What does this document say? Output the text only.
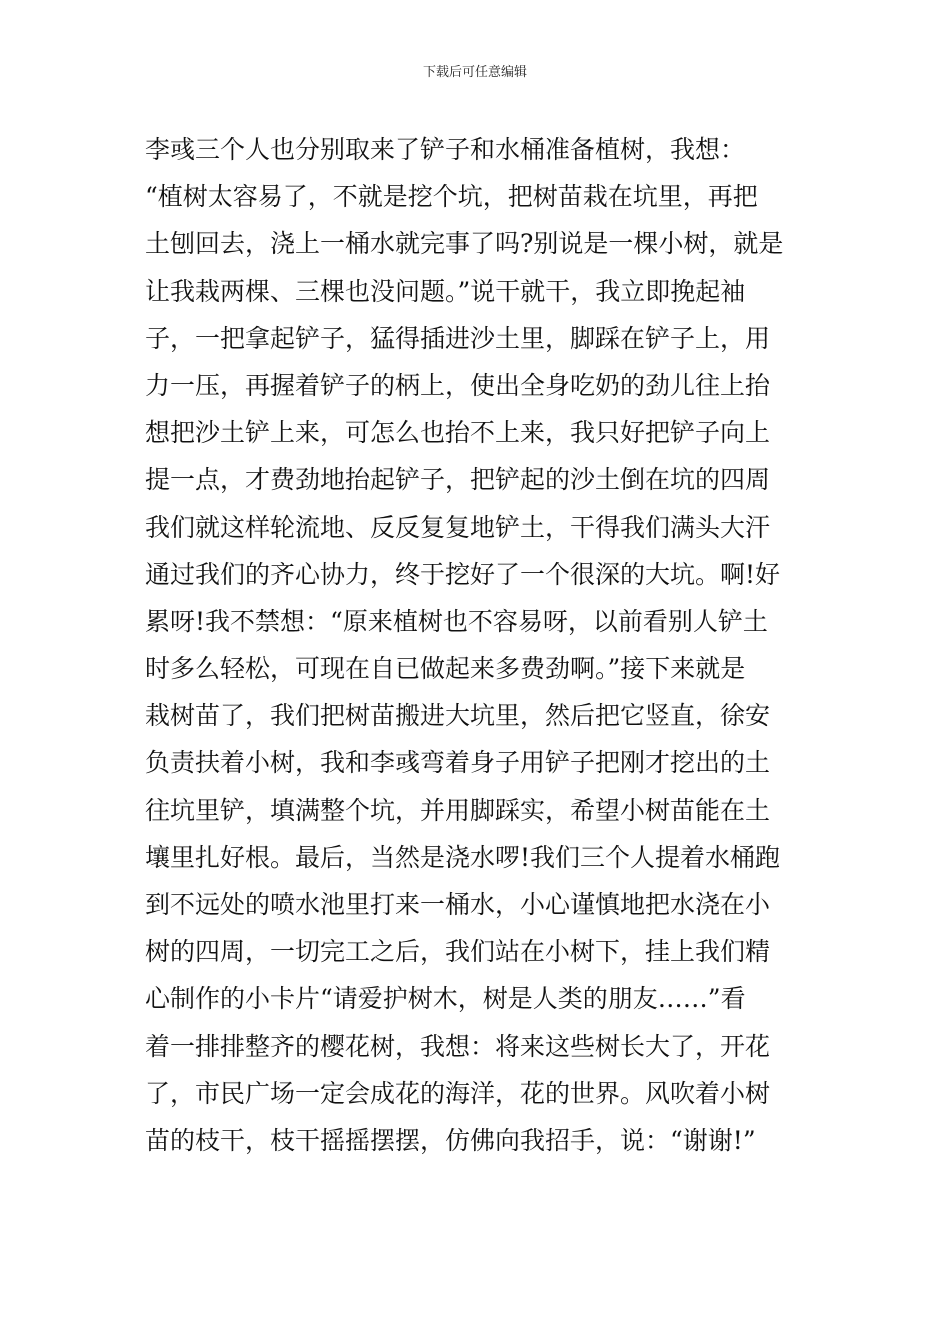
下载后可任意编辑
李彧三个人也分别取来了铲子和水桶准备植树，我想：
“植树太容易了，不就是挖个坑，把树苗栽在坑里，再把
土刨回去，浇上一桶水就完事了吗?别说是一棵小树，就是
让我栽两棵、三棵也没问题。”说干就干，我立即挽起袖
子，一把拿起铲子，猛得插进沙土里，脚踩在铲子上，用
力一压，再握着铲子的柄上，使出全身吃奶的劲儿往上抬
想把沙土铲上来，可怎么也抬不上来，我只好把铲子向上
提一点，才费劲地抬起铲子，把铲起的沙土倒在坑的四周
我们就这样轮流地、反反复复地铲土，干得我们满头大汗
通过我们的齐心协力，终于挖好了一个很深的大坑。啊!好
累呀!我不禁想：“原来植树也不容易呀，以前看别人铲土
时多么轻松，可现在自已做起来多费劲啊。”接下来就是
栽树苗了，我们把树苗搬进大坑里，然后把它竖直，徐安
负责扶着小树，我和李彧弯着身子用铲子把刚才挖出的土
往坑里铲，填满整个坑，并用脚踩实，希望小树苗能在土
壤里扎好根。最后，当然是浇水啰!我们三个人提着水桶跑
到不远处的喷水池里打来一桶水，小心谨慎地把水浇在小
树的四周，一切完工之后，我们站在小树下，挂上我们精
心制作的小卡片“请爱护树木，树是人类的朋友……”看
着一排排整齐的樱花树，我想：将来这些树长大了，开花
了，市民广场一定会成花的海洋，花的世界。风吹着小树
苗的枝干，枝干摇摇摆摆，仿佛向我招手，说：“谢谢!”
